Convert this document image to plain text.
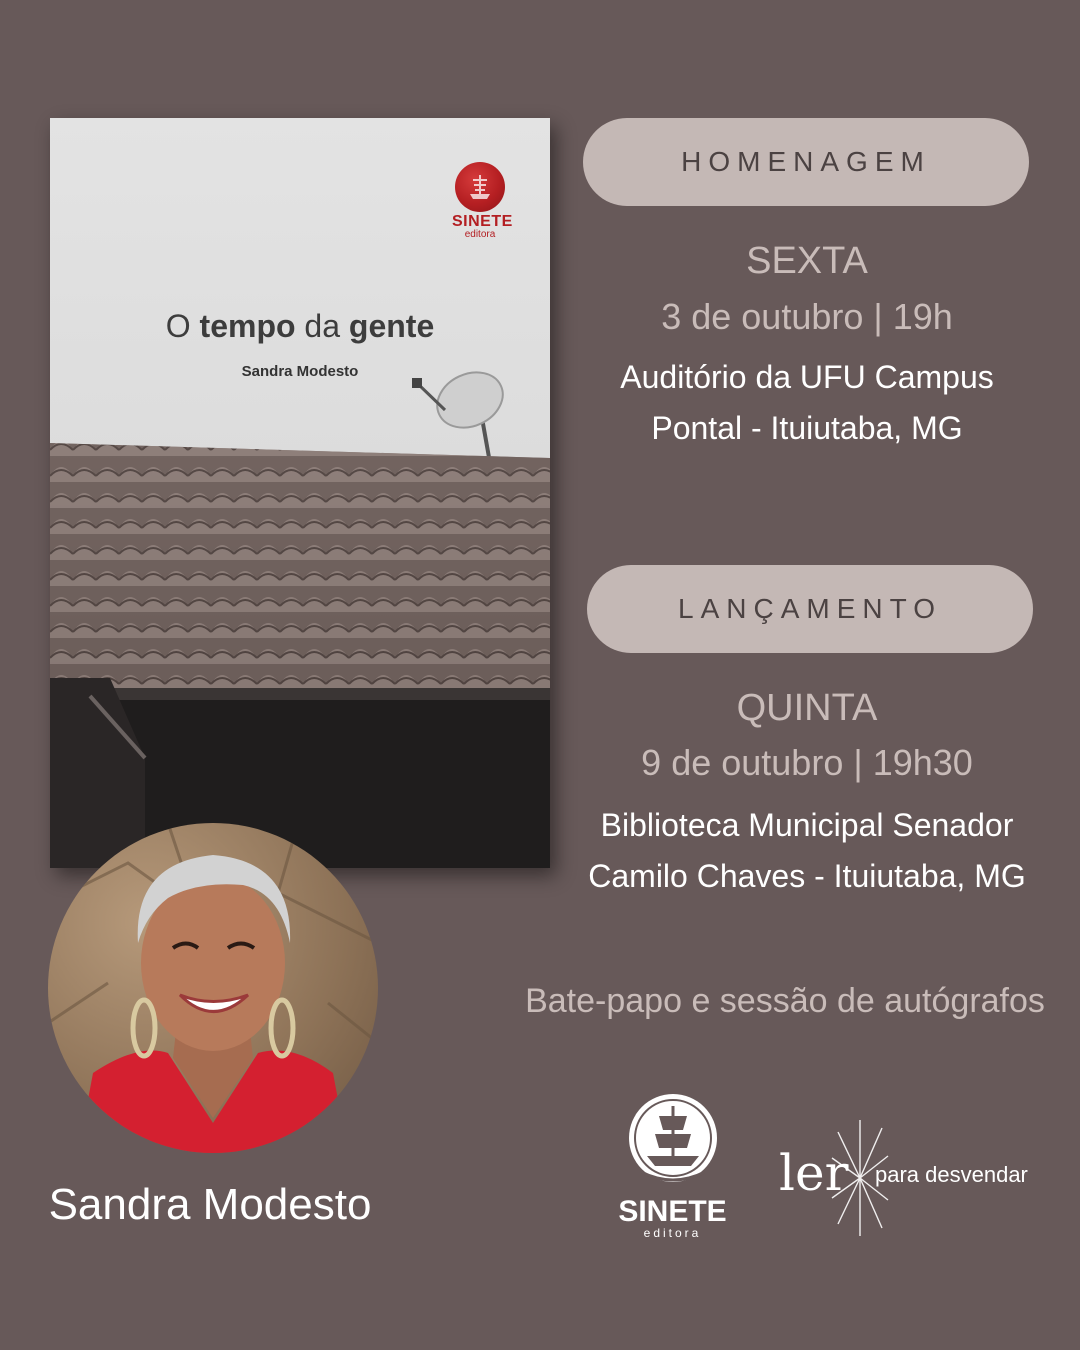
SINETE
editora
O tempo da gente
Sandra Modesto
HOMENAGEM
SEXTA
3 de outubro | 19h
Auditório da UFU Campus
Pontal - Ituiutaba, MG
LANÇAMENTO
QUINTA
9 de outubro | 19h30
Biblioteca Municipal Senador
Camilo Chaves - Ituiutaba, MG
Bate-papo e sessão de autógrafos
Sandra Modesto	SINETE
editora
ler para desvendar
